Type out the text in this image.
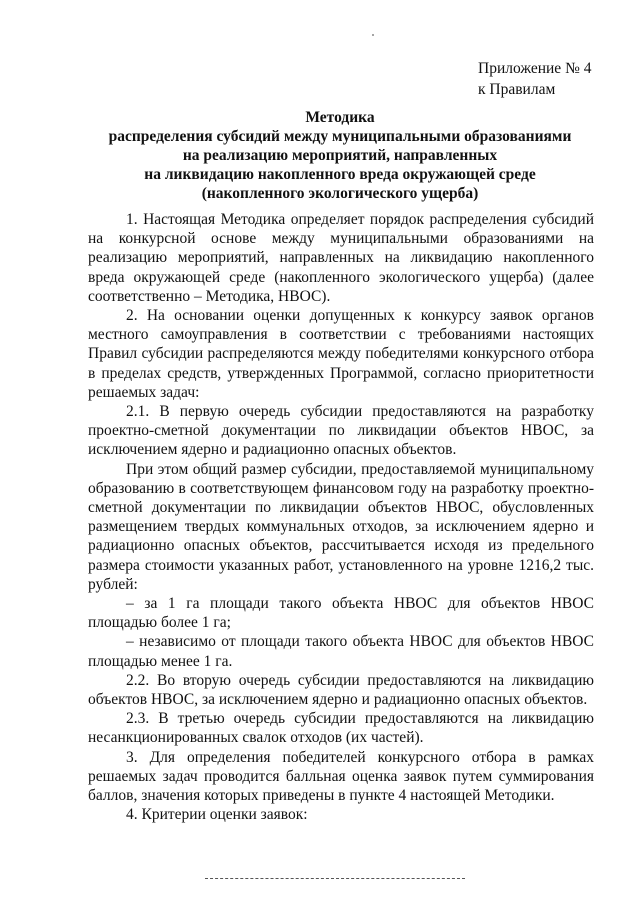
Приложение № 4
к Правилам
Методика
распределения субсидий между муниципальными образованиями
на реализацию мероприятий, направленных
на ликвидацию накопленного вреда окружающей среде
(накопленного экологического ущерба)

1. Настоящая Методика определяет порядок распределения субсидий на конкурсной основе между муниципальными образованиями на реализацию мероприятий, направленных на ликвидацию накопленного вреда окружающей среде (накопленного экологического ущерба) (далее соответственно – Методика, НВОС).

2. На основании оценки допущенных к конкурсу заявок органов местного самоуправления в соответствии с требованиями настоящих Правил субсидии распределяются между победителями конкурсного отбора в пределах средств, утвержденных Программой, согласно приоритетности решаемых задач:

2.1. В первую очередь субсидии предоставляются на разработку проектно-сметной документации по ликвидации объектов НВОС, за исключением ядерно и радиационно опасных объектов.

При этом общий размер субсидии, предоставляемой муниципальному образованию в соответствующем финансовом году на разработку проектно-сметной документации по ликвидации объектов НВОС, обусловленных размещением твердых коммунальных отходов, за исключением ядерно и радиационно опасных объектов, рассчитывается исходя из предельного размера стоимости указанных работ, установленного на уровне 1216,2 тыс. рублей:

– за 1 га площади такого объекта НВОС для объектов НВОС площадью более 1 га;

– независимо от площади такого объекта НВОС для объектов НВОС площадью менее 1 га.

2.2. Во вторую очередь субсидии предоставляются на ликвидацию объектов НВОС, за исключением ядерно и радиационно опасных объектов.

2.3. В третью очередь субсидии предоставляются на ликвидацию несанкционированных свалок отходов (их частей).

3. Для определения победителей конкурсного отбора в рамках решаемых задач проводится балльная оценка заявок путем суммирования баллов, значения которых приведены в пункте 4 настоящей Методики.

4. Критерии оценки заявок:
